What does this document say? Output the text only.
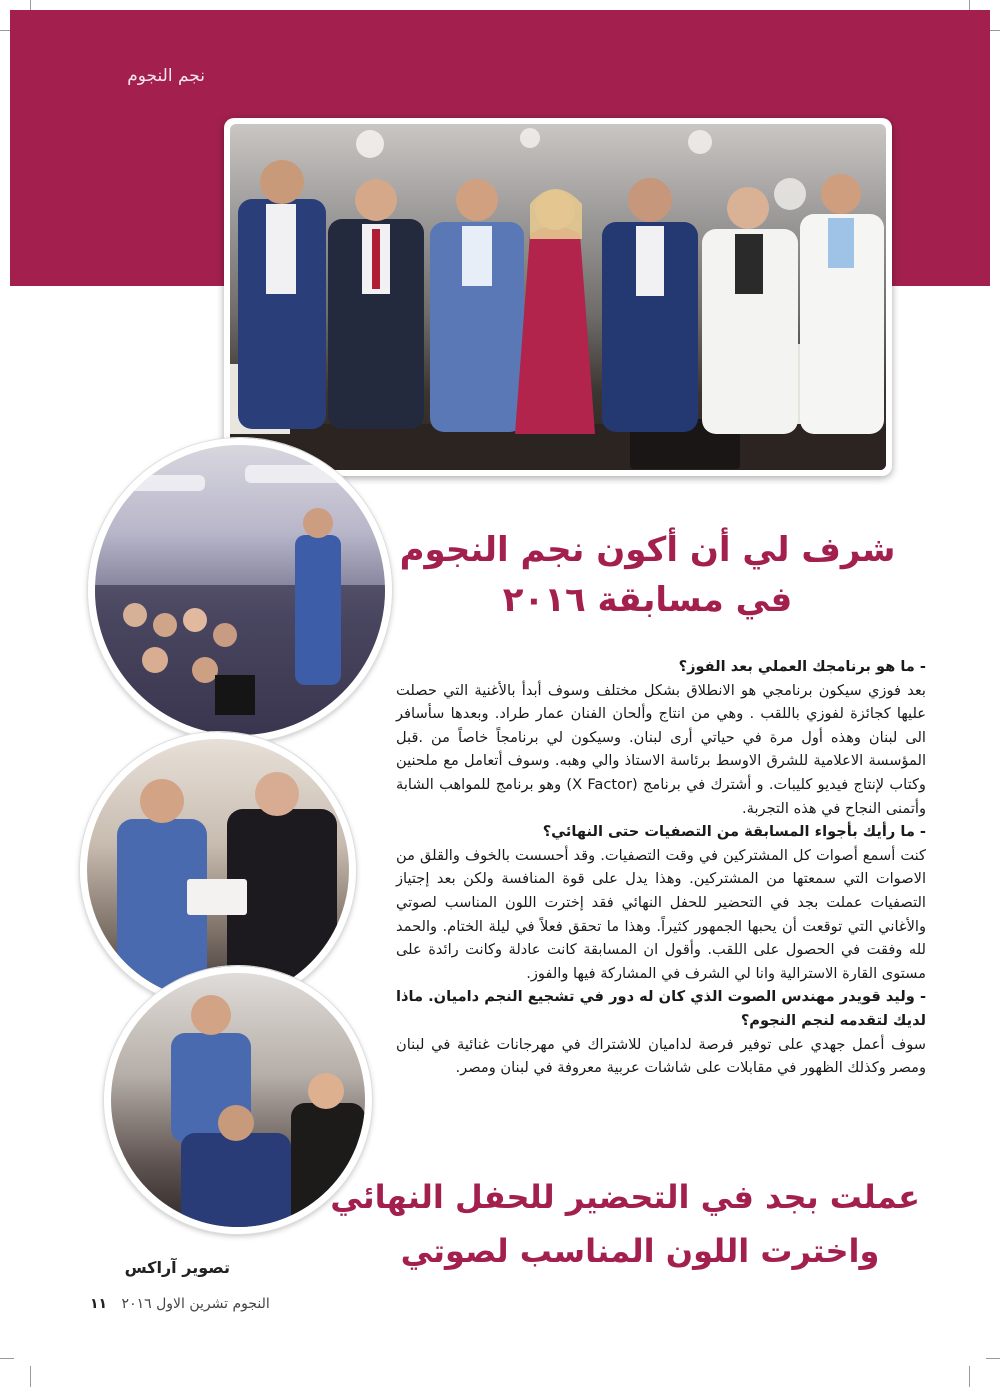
نجم النجوم
شرف لي أن أكون نجم النجوم
في مسابقة ٢٠١٦

- ما هو برنامجك العملي بعد الفوز؟

بعد فوزي سيكون برنامجي هو الانطلاق بشكل مختلف وسوف أبدأ بالأغنية التي حصلت عليها كجائزة لفوزي باللقب . وهي من انتاج وألحان الفنان عمار طراد. وبعدها سأسافر الى لبنان وهذه أول مرة في حياتي أرى لبنان. وسيكون لي برنامجاً خاصاً من .قبل المؤسسة الاعلامية للشرق الاوسط برئاسة الاستاذ والي وهبه. وسوف أتعامل مع ملحنين وكتاب لإنتاج فيديو كليبات. و أشترك في برنامج (X Factor) وهو برنامج للمواهب الشابة وأتمنى النجاح في هذه التجربة.

- ما رأيك بأجواء المسابقة من التصفيات حتى النهائي؟

كنت أسمع أصوات كل المشتركين في وقت التصفيات. وقد أحسست بالخوف والقلق من الاصوات التي سمعتها من المشتركين. وهذا يدل على قوة المنافسة ولكن بعد إجتياز التصفيات عملت بجد في التحضير للحفل النهائي فقد إخترت اللون المناسب لصوتي والأغاني التي توقعت أن يحبها الجمهور كثيراً. وهذا ما تحقق فعلاً في ليلة الختام. والحمد لله وفقت في الحصول على اللقب. وأقول ان المسابقة كانت عادلة وكانت رائدة على مستوى القارة الاسترالية وانا لي الشرف في المشاركة فيها والفوز.

- وليد قويدر مهندس الصوت الذي كان له دور في تشجيع النجم داميان. ماذا لديك لتقدمه لنجم النجوم؟

سوف أعمل جهدي على توفير فرصة لداميان للاشتراك في مهرجانات غنائية في لبنان ومصر وكذلك الظهور في مقابلات على شاشات عربية معروفة في لبنان ومصر.

عملت بجد في التحضير للحفل النهائي
واخترت اللون المناسب لصوتي
تصوير آراكس
النجوم تشرين الاول ٢٠١٦ ١١
